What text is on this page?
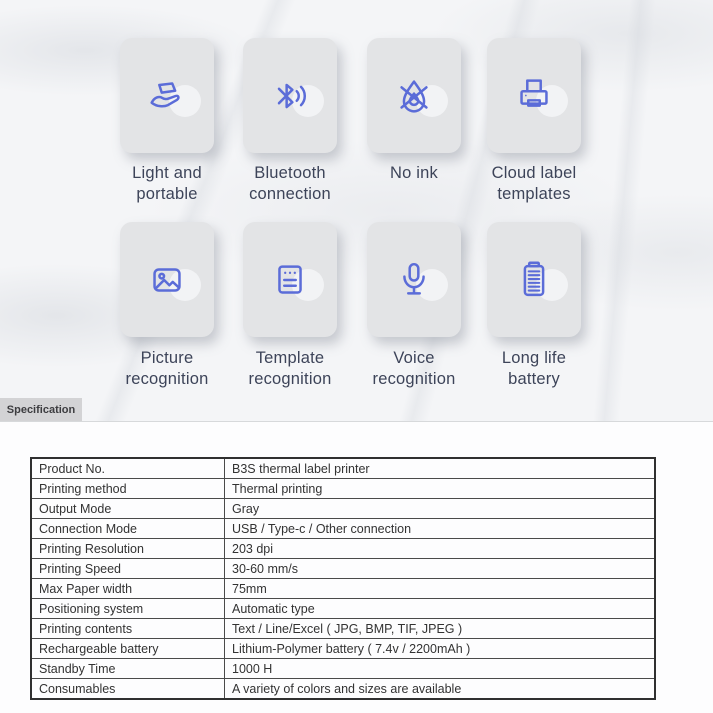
Light and portable
Bluetooth connection
No ink	Cloud label templates
Picture recognition
Template recognition
Voice recognition
Long life battery
Specification
Product No.	B3S thermal label printer
Printing method	Thermal printing
Output Mode	Gray
Connection Mode	USB / Type-c / Other connection
Printing Resolution	203 dpi
Printing Speed	30-60 mm/s
Max Paper width	75mm
Positioning system	Automatic type
Printing contents	Text / Line/Excel ( JPG, BMP, TIF, JPEG )
Rechargeable battery	Lithium-Polymer battery ( 7.4v / 2200mAh )
Standby Time	1000 H
Consumables	A variety of colors and sizes are available
